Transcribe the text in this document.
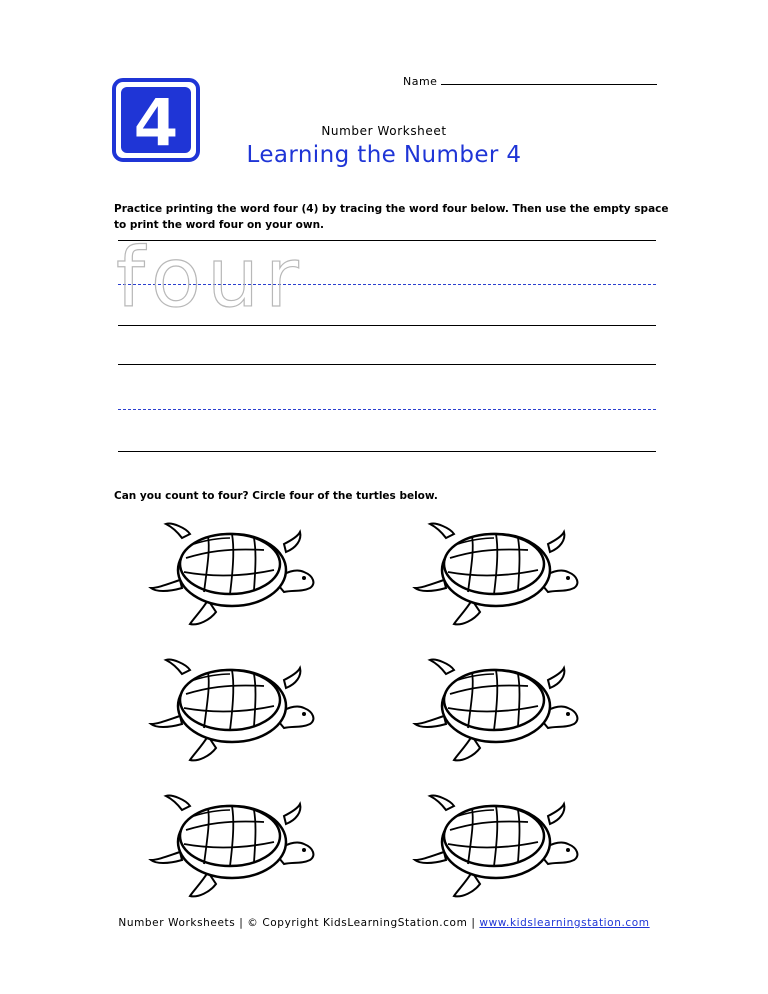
4
Name
Number Worksheet
Learning the Number 4
Practice printing the word four (4) by tracing the word four below. Then use the empty space to print the word four on your own.
four
Can you count to four? Circle four of the turtles below.
Number Worksheets | © Copyright KidsLearningStation.com | www.kidslearningstation.com
